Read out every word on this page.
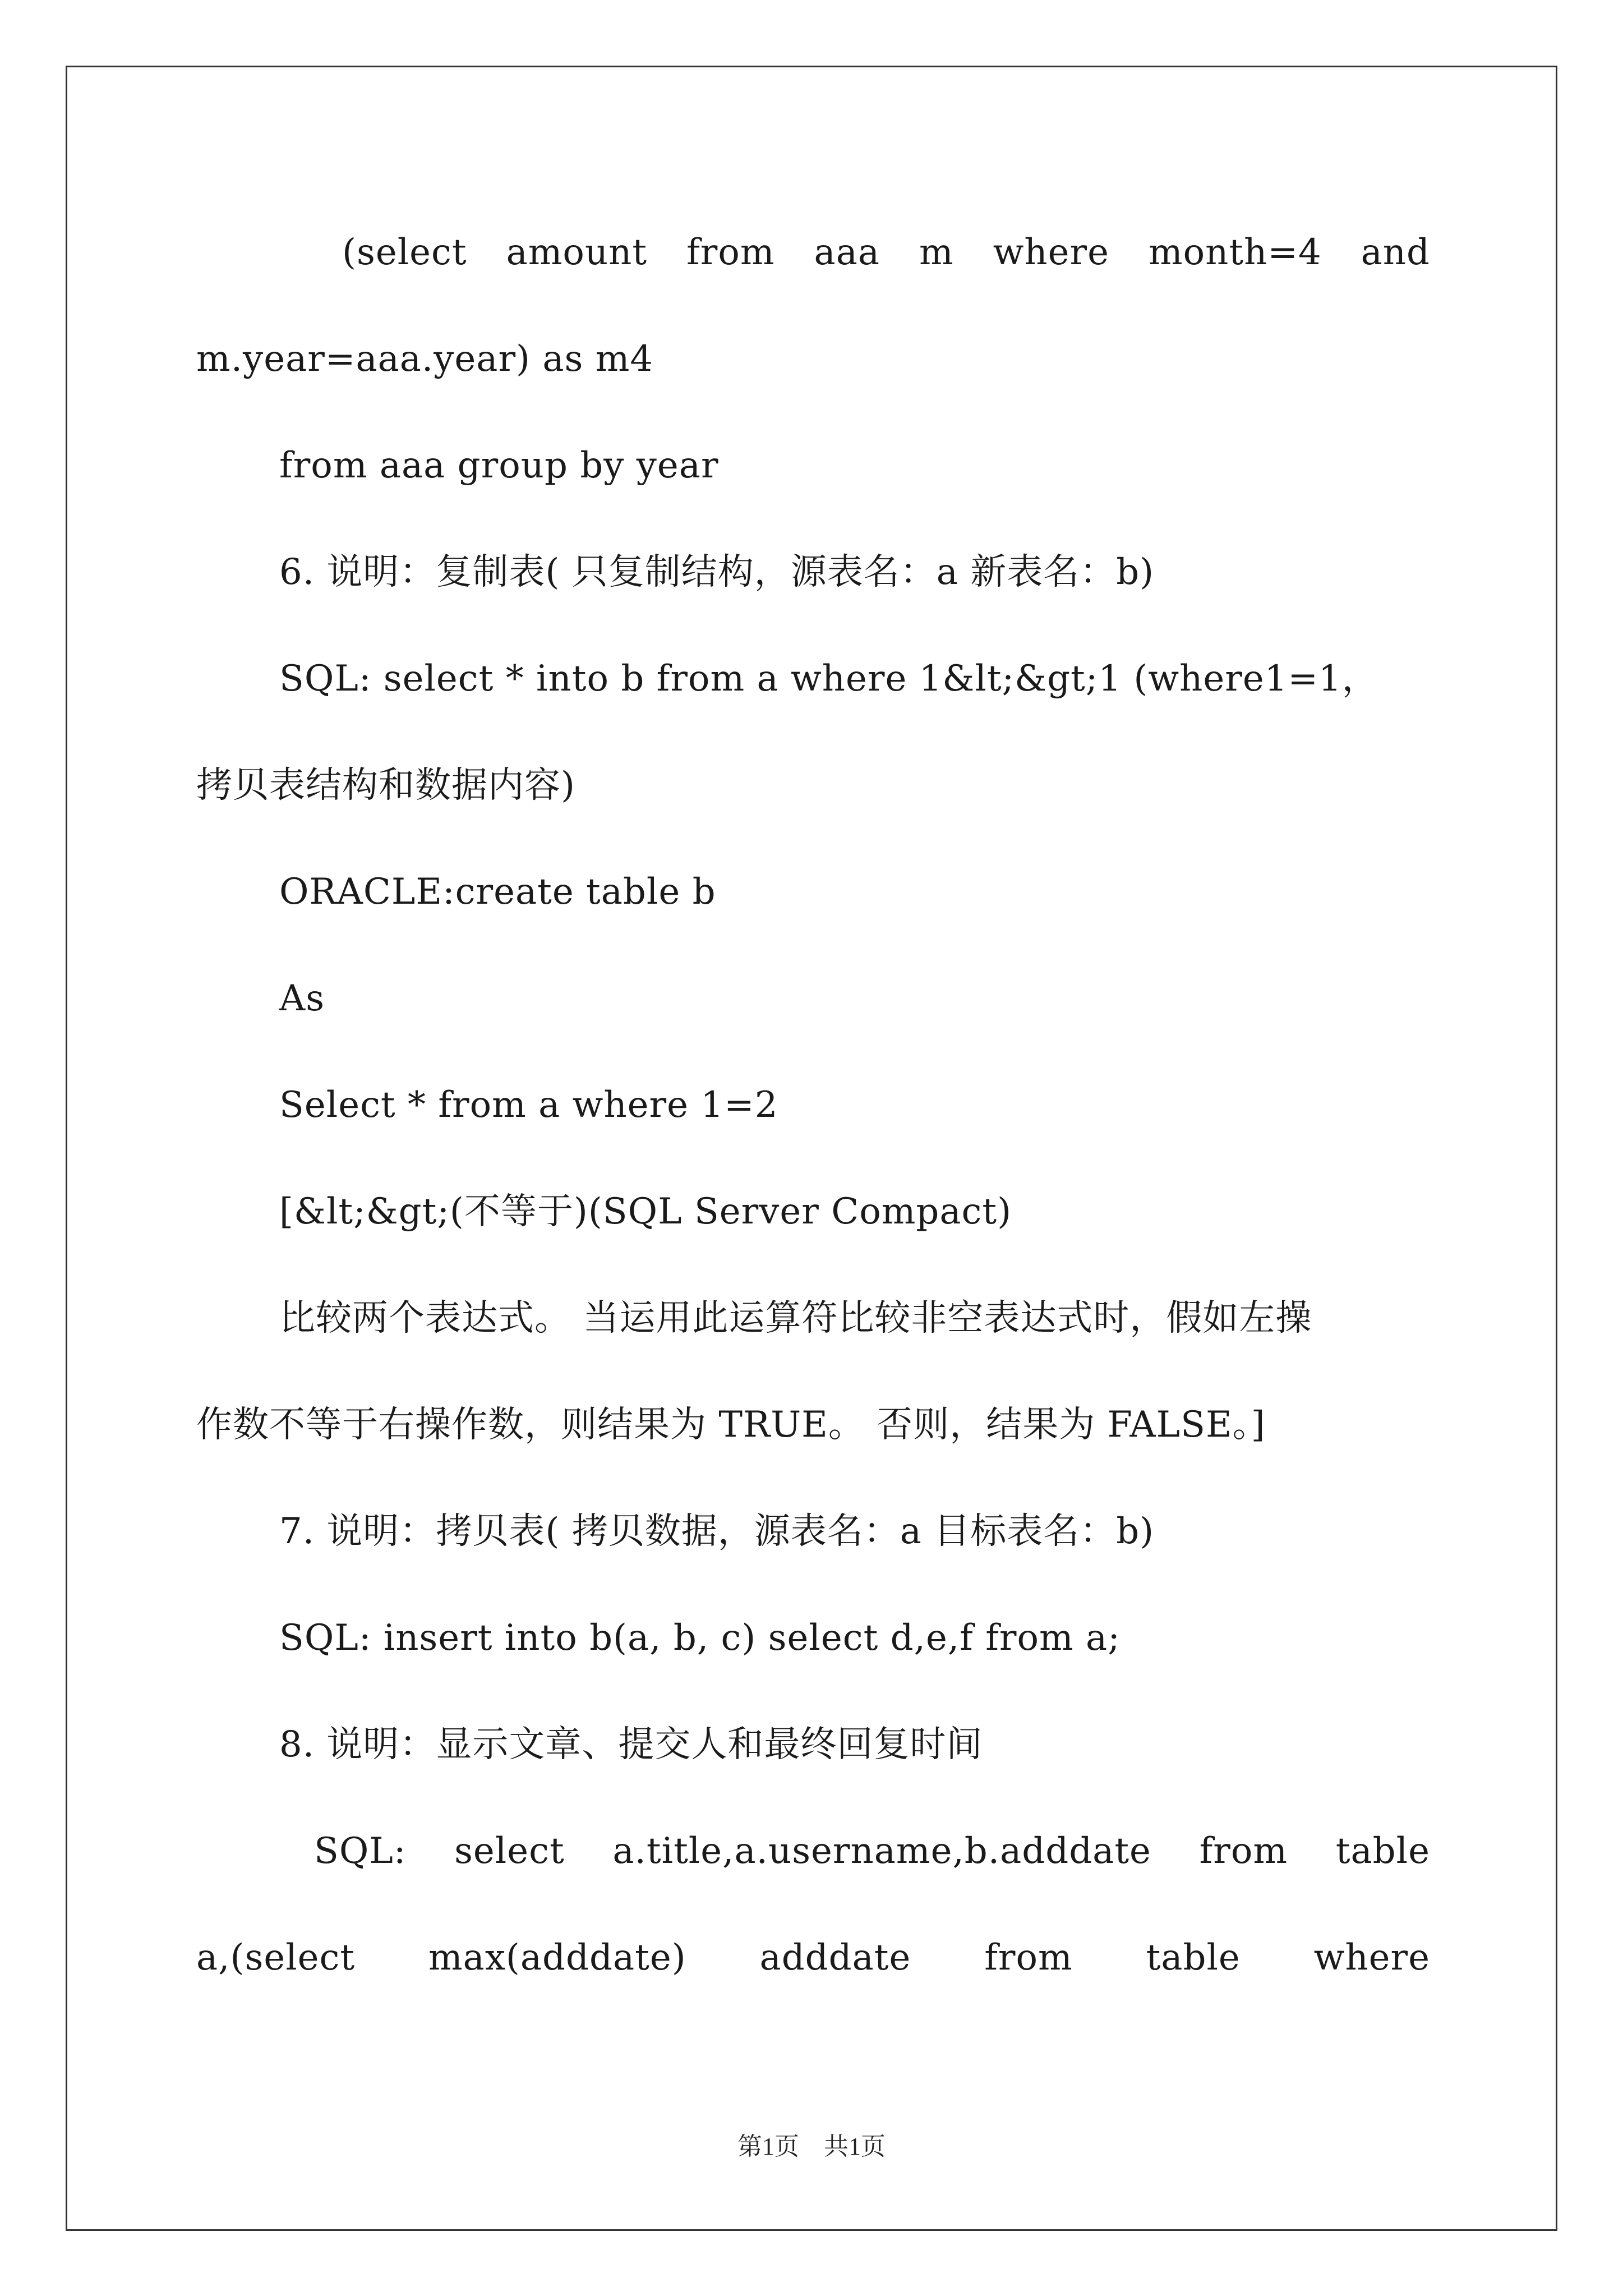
(select amount from aaa m where month=4 and
m.year=aaa.year) as m4
from aaa group by year
6. 说明：复制表( 只复制结构，源表名：a 新表名：b)
SQL: select * into b from a where 1&lt;&gt;1 (where1=1，
拷贝表结构和数据内容)
ORACLE:create table b
As
Select * from a where 1=2
[&lt;&gt;(不等于)(SQL Server Compact)
比较两个表达式。 当运用此运算符比较非空表达式时，假如左操
作数不等于右操作数，则结果为 TRUE。 否则，结果为 FALSE。]
7. 说明：拷贝表( 拷贝数据，源表名：a 目标表名：b)
SQL: insert into b(a, b, c) select d,e,f from a;
8. 说明：显示文章、提交人和最终回复时间
SQL: select a.title,a.username,b.adddate from table
a,(select max(adddate) adddate from table where
第1页　共1页
